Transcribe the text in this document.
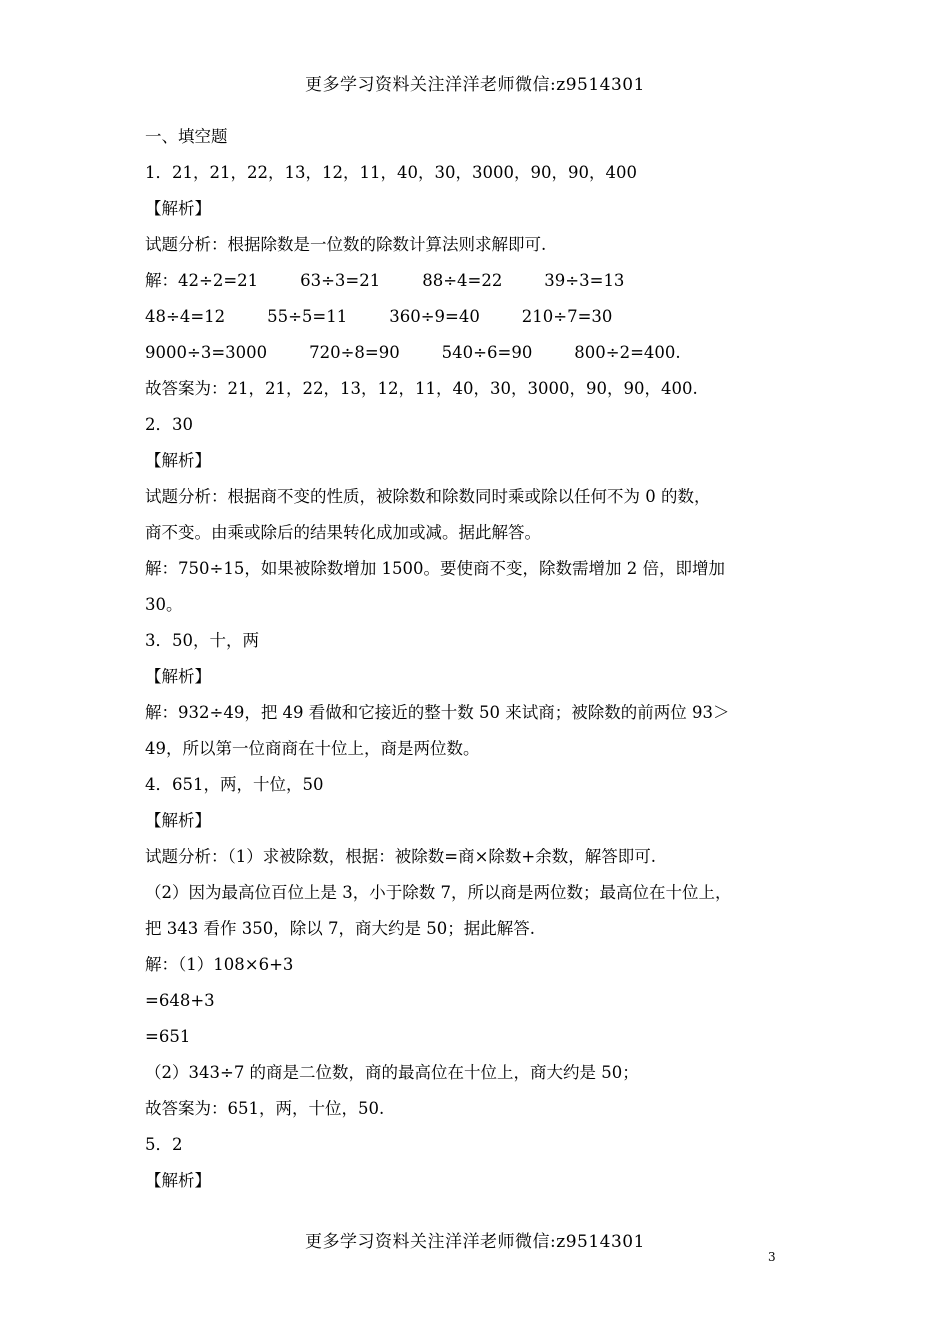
更多学习资料关注洋洋老师微信:z9514301
一、填空题
1．21，21，22，13，12，11，40，30，3000，90，90，400
【解析】
试题分析：根据除数是一位数的除数计算法则求解即可.
解：42÷2=21        63÷3=21        88÷4=22        39÷3=13
48÷4=12        55÷5=11        360÷9=40        210÷7=30
9000÷3=3000        720÷8=90        540÷6=90        800÷2=400.
故答案为：21，21，22，13，12，11，40，30，3000，90，90，400.
2．30
【解析】
试题分析：根据商不变的性质，被除数和除数同时乘或除以任何不为 0 的数，
商不变。由乘或除后的结果转化成加或减。据此解答。
解：750÷15，如果被除数增加 1500。要使商不变，除数需增加 2 倍，即增加
30。
3．50，十，两
【解析】
解：932÷49，把 49 看做和它接近的整十数 50 来试商；被除数的前两位 93＞
49，所以第一位商商在十位上，商是两位数。
4．651，两，十位，50
【解析】
试题分析：（1）求被除数，根据：被除数=商×除数+余数，解答即可.
（2）因为最高位百位上是 3，小于除数 7，所以商是两位数；最高位在十位上，
把 343 看作 350，除以 7，商大约是 50；据此解答.
解：（1）108×6+3
=648+3
=651
（2）343÷7 的商是二位数，商的最高位在十位上，商大约是 50；
故答案为：651，两，十位，50.
5．2
【解析】
更多学习资料关注洋洋老师微信:z9514301
3
